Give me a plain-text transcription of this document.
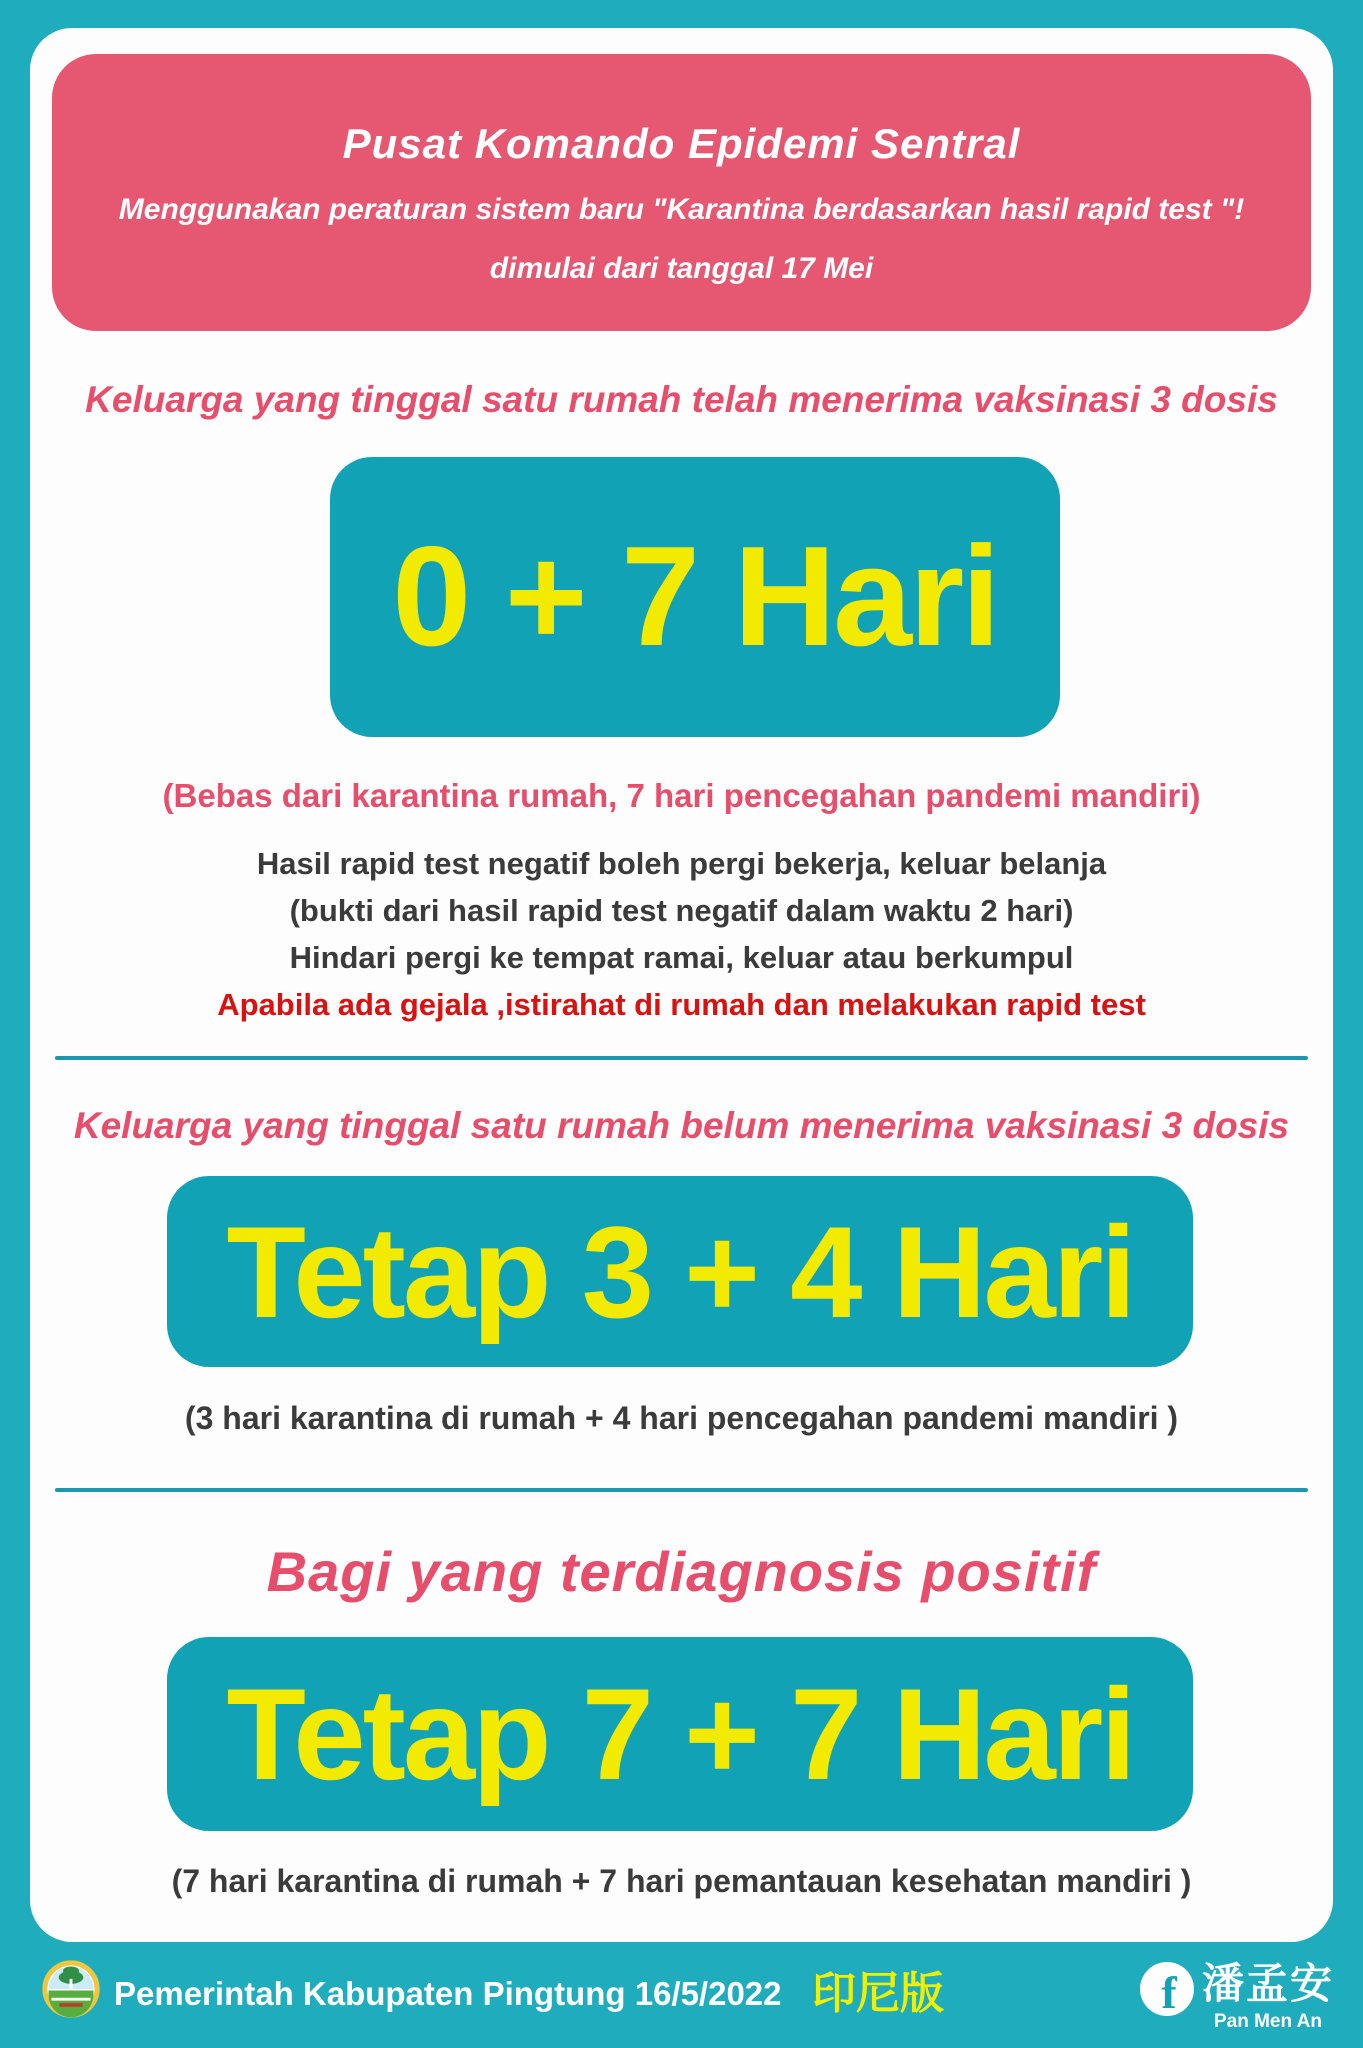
Pusat Komando Epidemi Sentral
Menggunakan peraturan sistem baru "Karantina berdasarkan hasil rapid test "!
dimulai dari tanggal 17 Mei
Keluarga yang tinggal satu rumah telah menerima vaksinasi 3 dosis
0 + 7 Hari
(Bebas dari karantina rumah, 7 hari pencegahan pandemi mandiri)
Hasil rapid test negatif boleh pergi bekerja, keluar belanja
(bukti dari hasil rapid test negatif dalam waktu 2 hari)
Hindari pergi ke tempat ramai, keluar atau berkumpul
Apabila ada gejala ,istirahat di rumah dan melakukan rapid test
Keluarga yang tinggal satu rumah belum menerima vaksinasi 3 dosis
Tetap 3 + 4 Hari
(3 hari karantina di rumah + 4 hari pencegahan pandemi mandiri )
Bagi yang terdiagnosis positif
Tetap 7 + 7 Hari
(7 hari karantina di rumah + 7 hari pemantauan kesehatan mandiri )
Pemerintah Kabupaten Pingtung 16/5/2022 印尼版	f 潘孟安
Pan Men An
